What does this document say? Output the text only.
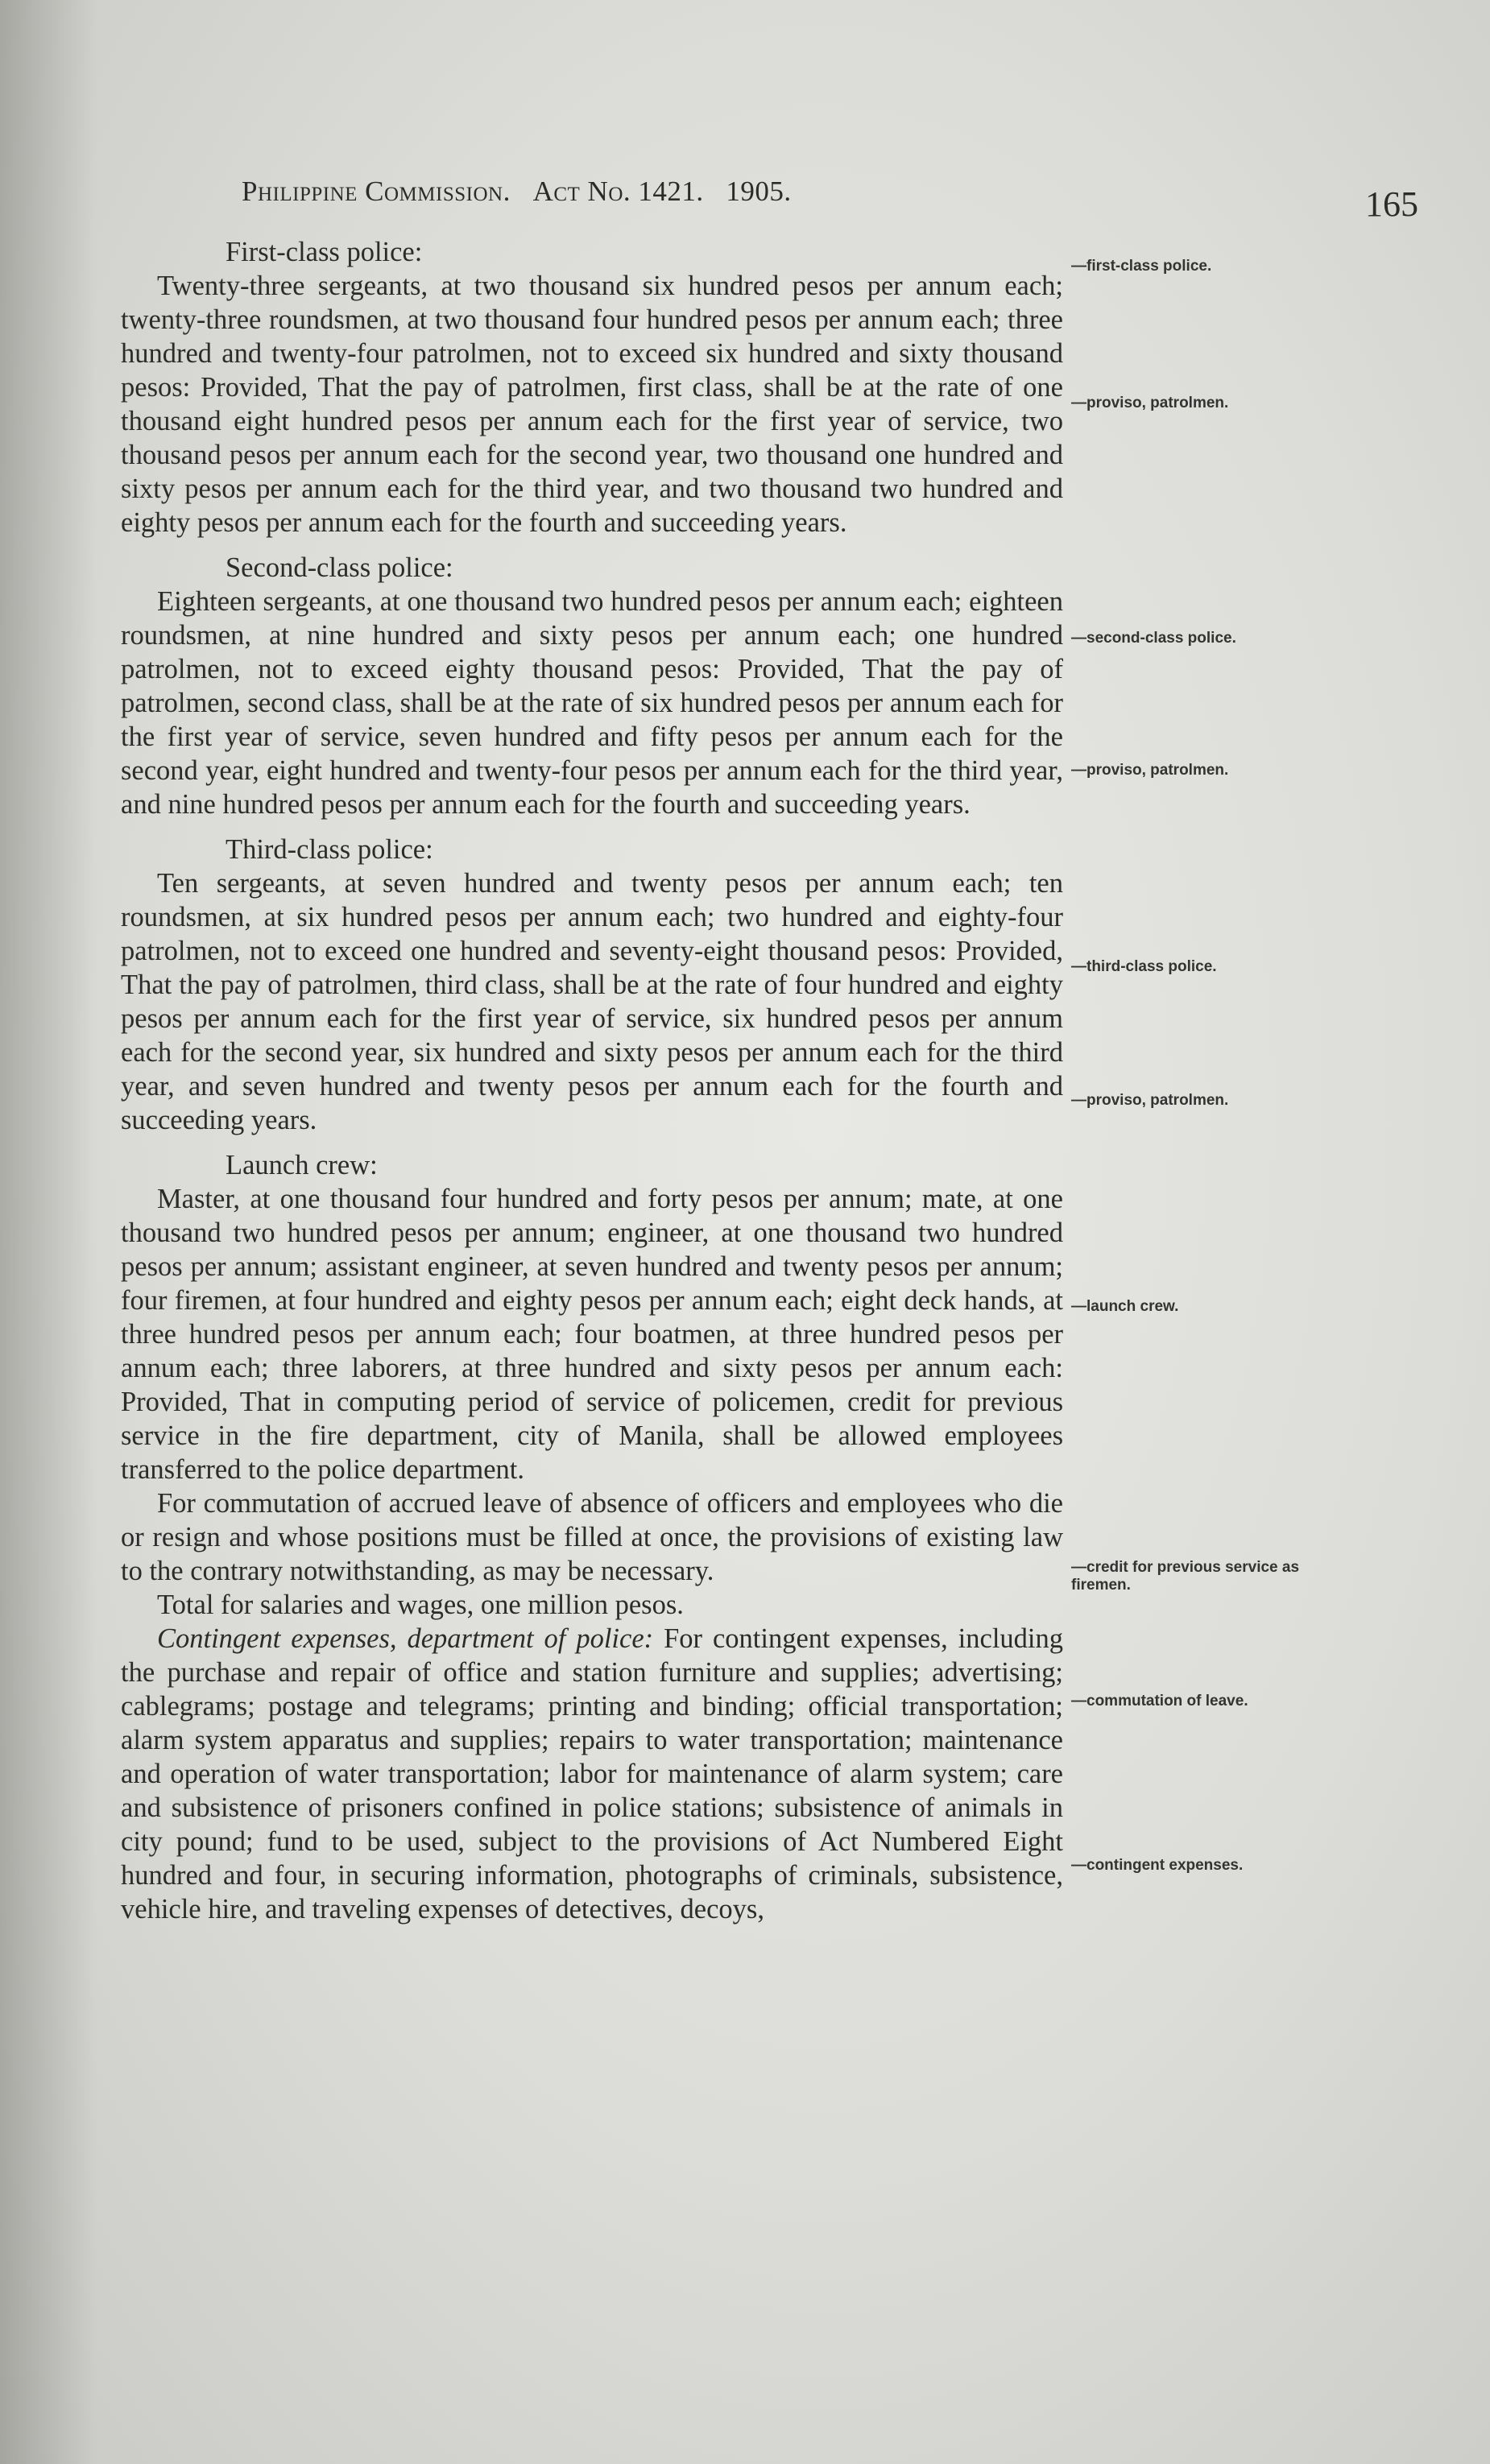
Philippine Commission. Act No. 1421. 1905.	165

First-class police:

Twenty-three sergeants, at two thousand six hundred pesos per annum each; twenty-three roundsmen, at two thousand four hundred pesos per annum each; three hundred and twenty-four patrolmen, not to exceed six hundred and sixty thousand pesos: Provided, That the pay of patrolmen, first class, shall be at the rate of one thousand eight hundred pesos per annum each for the first year of service, two thousand pesos per annum each for the second year, two thousand one hundred and sixty pesos per annum each for the third year, and two thousand two hundred and eighty pesos per annum each for the fourth and succeeding years.

Second-class police:

Eighteen sergeants, at one thousand two hundred pesos per annum each; eighteen roundsmen, at nine hundred and sixty pesos per annum each; one hundred patrolmen, not to exceed eighty thousand pesos: Provided, That the pay of patrolmen, second class, shall be at the rate of six hundred pesos per annum each for the first year of service, seven hundred and fifty pesos per annum each for the second year, eight hundred and twenty-four pesos per annum each for the third year, and nine hundred pesos per annum each for the fourth and succeeding years.

Third-class police:

Ten sergeants, at seven hundred and twenty pesos per annum each; ten roundsmen, at six hundred pesos per annum each; two hundred and eighty-four patrolmen, not to exceed one hundred and seventy-eight thousand pesos: Provided, That the pay of patrolmen, third class, shall be at the rate of four hundred and eighty pesos per annum each for the first year of service, six hundred pesos per annum each for the second year, six hundred and sixty pesos per annum each for the third year, and seven hundred and twenty pesos per annum each for the fourth and succeeding years.

Launch crew:

Master, at one thousand four hundred and forty pesos per annum; mate, at one thousand two hundred pesos per annum; engineer, at one thousand two hundred pesos per annum; assistant engineer, at seven hundred and twenty pesos per annum; four firemen, at four hundred and eighty pesos per annum each; eight deck hands, at three hundred pesos per annum each; four boatmen, at three hundred pesos per annum each; three laborers, at three hundred and sixty pesos per annum each: Provided, That in computing period of service of policemen, credit for previous service in the fire department, city of Manila, shall be allowed employees transferred to the police department.

For commutation of accrued leave of absence of officers and employees who die or resign and whose positions must be filled at once, the provisions of existing law to the contrary notwithstanding, as may be necessary.

Total for salaries and wages, one million pesos.

Contingent expenses, department of police: For contingent expenses, including the purchase and repair of office and station furniture and supplies; advertising; cablegrams; postage and telegrams; printing and binding; official transportation; alarm system apparatus and supplies; repairs to water transportation; maintenance and operation of water transportation; labor for maintenance of alarm system; care and subsistence of prisoners confined in police stations; subsistence of animals in city pound; fund to be used, subject to the provisions of Act Numbered Eight hundred and four, in securing information, photographs of criminals, subsistence, vehicle hire, and traveling expenses of detectives, decoys,

—first-class police.
—proviso, patrolmen.
—second-class police.
—proviso, patrolmen.
—third-class police.
—proviso, patrolmen.
—launch crew.
—credit for previous service as firemen.
—commutation of leave.
—contingent expenses.
